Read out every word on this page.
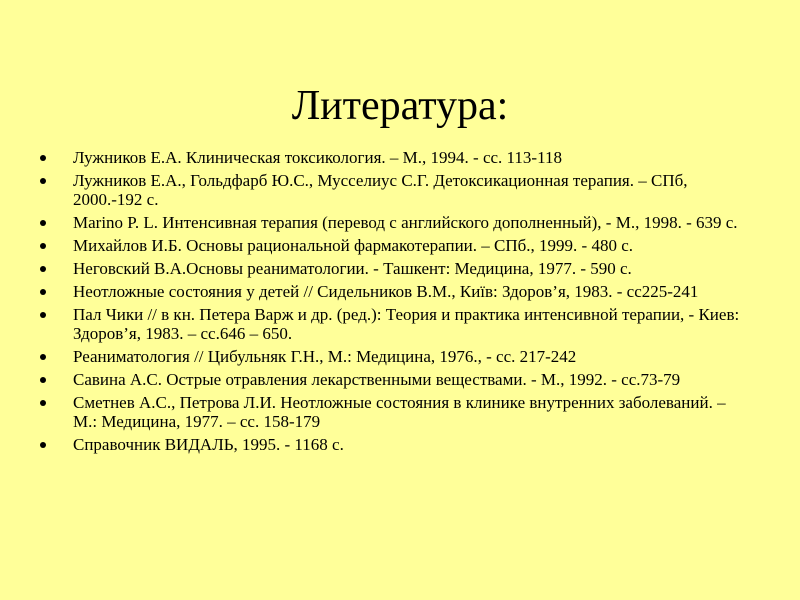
Литература:
Лужников Е.А. Клиническая токсикология. – М., 1994. - сс. 113-118
Лужников Е.А., Гольдфарб Ю.С., Мусселиус С.Г. Детоксикационная терапия. – СПб, 2000.-192 с.
Marino P. L. Интенсивная терапия (перевод с английского дополненный), - М., 1998. - 639 с.
Михайлов И.Б. Основы рациональной фармакотерапии. – СПб., 1999. - 480 с.
Неговский В.А.Основы реаниматологии. - Ташкент: Медицина, 1977. - 590 с.
Неотложные состояния у детей // Сидельников В.М., Київ: Здоров’я, 1983. - сс225-241
Пал Чики // в кн. Петера Варж и др. (ред.): Теория и практика интенсивной терапии, - Киев: Здоров’я, 1983. – сс.646 – 650.
Реаниматология // Цибульняк Г.Н., М.: Медицина, 1976., - сс. 217-242
Савина А.С. Острые отравления лекарственными веществами. - М., 1992. - сс.73-79
Сметнев А.С., Петрова Л.И. Неотложные состояния в клинике внутренних заболеваний. – М.: Медицина, 1977. – сс. 158-179
Справочник ВИДАЛЬ, 1995. - 1168 с.
